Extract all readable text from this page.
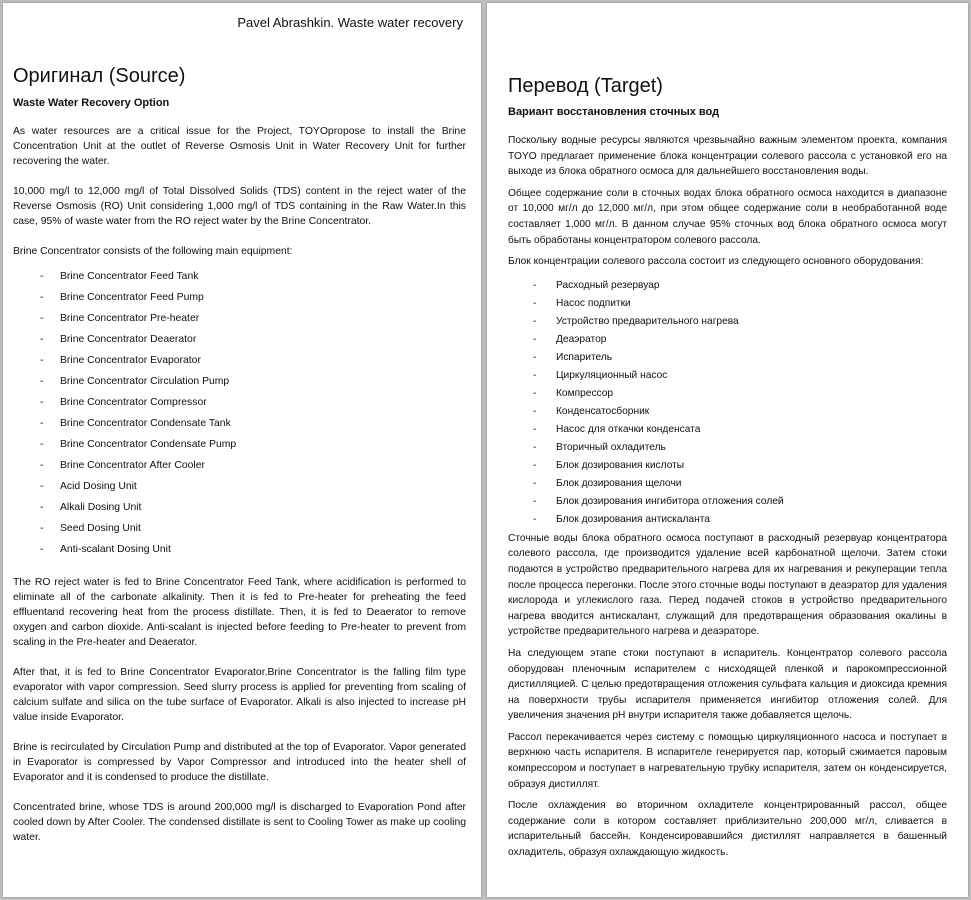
Pavel Abrashkin. Waste water recovery
Оригинал (Source)
Waste Water Recovery Option

As water resources are a critical issue for the Project, TOYOpropose to install the Brine Concentration Unit at the outlet of Reverse Osmosis Unit in Water Recovery Unit for further recovering the water.

10,000 mg/l to 12,000 mg/l of Total Dissolved Solids (TDS) content in the reject water of the Reverse Osmosis (RO) Unit considering 1,000 mg/l of TDS containing in the Raw Water.In this case, 95% of waste water from the RO reject water by the Brine Concentrator.

Brine Concentrator consists of the following main equipment:

- Brine Concentrator Feed Tank
- Brine Concentrator Feed Pump
- Brine Concentrator Pre-heater
- Brine Concentrator Deaerator
- Brine Concentrator Evaporator
- Brine Concentrator Circulation Pump
- Brine Concentrator Compressor
- Brine Concentrator Condensate Tank
- Brine Concentrator Condensate Pump
- Brine Concentrator After Cooler
- Acid Dosing Unit
- Alkali Dosing Unit
- Seed Dosing Unit
- Anti-scalant Dosing Unit

The RO reject water is fed to Brine Concentrator Feed Tank, where acidification is performed to eliminate all of the carbonate alkalinity. Then it is fed to Pre-heater for preheating the feed effluentand recovering heat from the process distillate. Then, it is fed to Deaerator to remove oxygen and carbon dioxide. Anti-scalant is injected before feeding to Pre-heater to prevent from scaling in the Pre-heater and Deaerator.

After that, it is fed to Brine Concentrator Evaporator.Brine Concentrator is the falling film type evaporator with vapor compression. Seed slurry process is applied for preventing from scaling of calcium sulfate and silica on the tube surface of Evaporator. Alkali is also injected to increase pH value inside Evaporator.

Brine is recirculated by Circulation Pump and distributed at the top of Evaporator. Vapor generated in Evaporator is compressed by Vapor Compressor and introduced into the heater shell of Evaporator and it is condensed to produce the distillate.

Concentrated brine, whose TDS is around 200,000 mg/l is discharged to Evaporation Pond after cooled down by After Cooler. The condensed distillate is sent to Cooling Tower as make up cooling water.

Перевод (Target)
Вариант восстановления сточных вод

Поскольку водные ресурсы являются чрезвычайно важным элементом проекта, компания TOYO предлагает применение блока концентрации солевого рассола с установкой его на выходе из блока обратного осмоса для дальнейшего восстановления воды.

Общее содержание соли в сточных водах блока обратного осмоса находится в диапазоне от 10,000 мг/л до 12,000 мг/л, при этом общее содержание соли в необработанной воде составляет 1,000 мг/л. В данном случае 95% сточных вод блока обратного осмоса могут быть обработаны концентратором солевого рассола.

Блок концентрации солевого рассола состоит из следующего основного оборудования:

- Расходный резервуар
- Насос подпитки
- Устройство предварительного нагрева
- Деаэратор
- Испаритель
- Циркуляционный насос
- Компрессор
- Конденсатосборник
- Насос для откачки конденсата
- Вторичный охладитель
- Блок дозирования кислоты
- Блок дозирования щелочи
- Блок дозирования ингибитора отложения солей
- Блок дозирования антискаланта

Сточные воды блока обратного осмоса поступают в расходный резервуар концентратора солевого рассола, где производится удаление всей карбонатной щелочи. Затем стоки подаются в устройство предварительного нагрева для их нагревания и рекуперации тепла после процесса перегонки. После этого сточные воды поступают в деаэратор для удаления кислорода и углекислого газа. Перед подачей стоков в устройство предварительного нагрева вводится антискалант, служащий для предотвращения образования окалины в устройстве предварительного нагрева и деаэраторе.

На следующем этапе стоки поступают в испаритель. Концентратор солевого рассола оборудован пленочным испарителем с нисходящей пленкой и парокомпрессионной дистилляцией. С целью предотвращения отложения сульфата кальция и диоксида кремния на поверхности трубы испарителя применяется ингибитор отложения солей. Для увеличения значения pH внутри испарителя также добавляется щелочь.

Рассол перекачивается через систему с помощью циркуляционного насоса и поступает в верхнюю часть испарителя. В испарителе генерируется пар, который сжимается паровым компрессором и поступает в нагревательную трубку испарителя, затем он конденсируется, образуя дистиллят.

После охлаждения во вторичном охладителе концентрированный рассол, общее содержание соли в котором составляет приблизительно 200,000 мг/л, сливается в испарительный бассейн. Конденсировавшийся дистиллят направляется в башенный охладитель, образуя охлаждающую жидкость.
